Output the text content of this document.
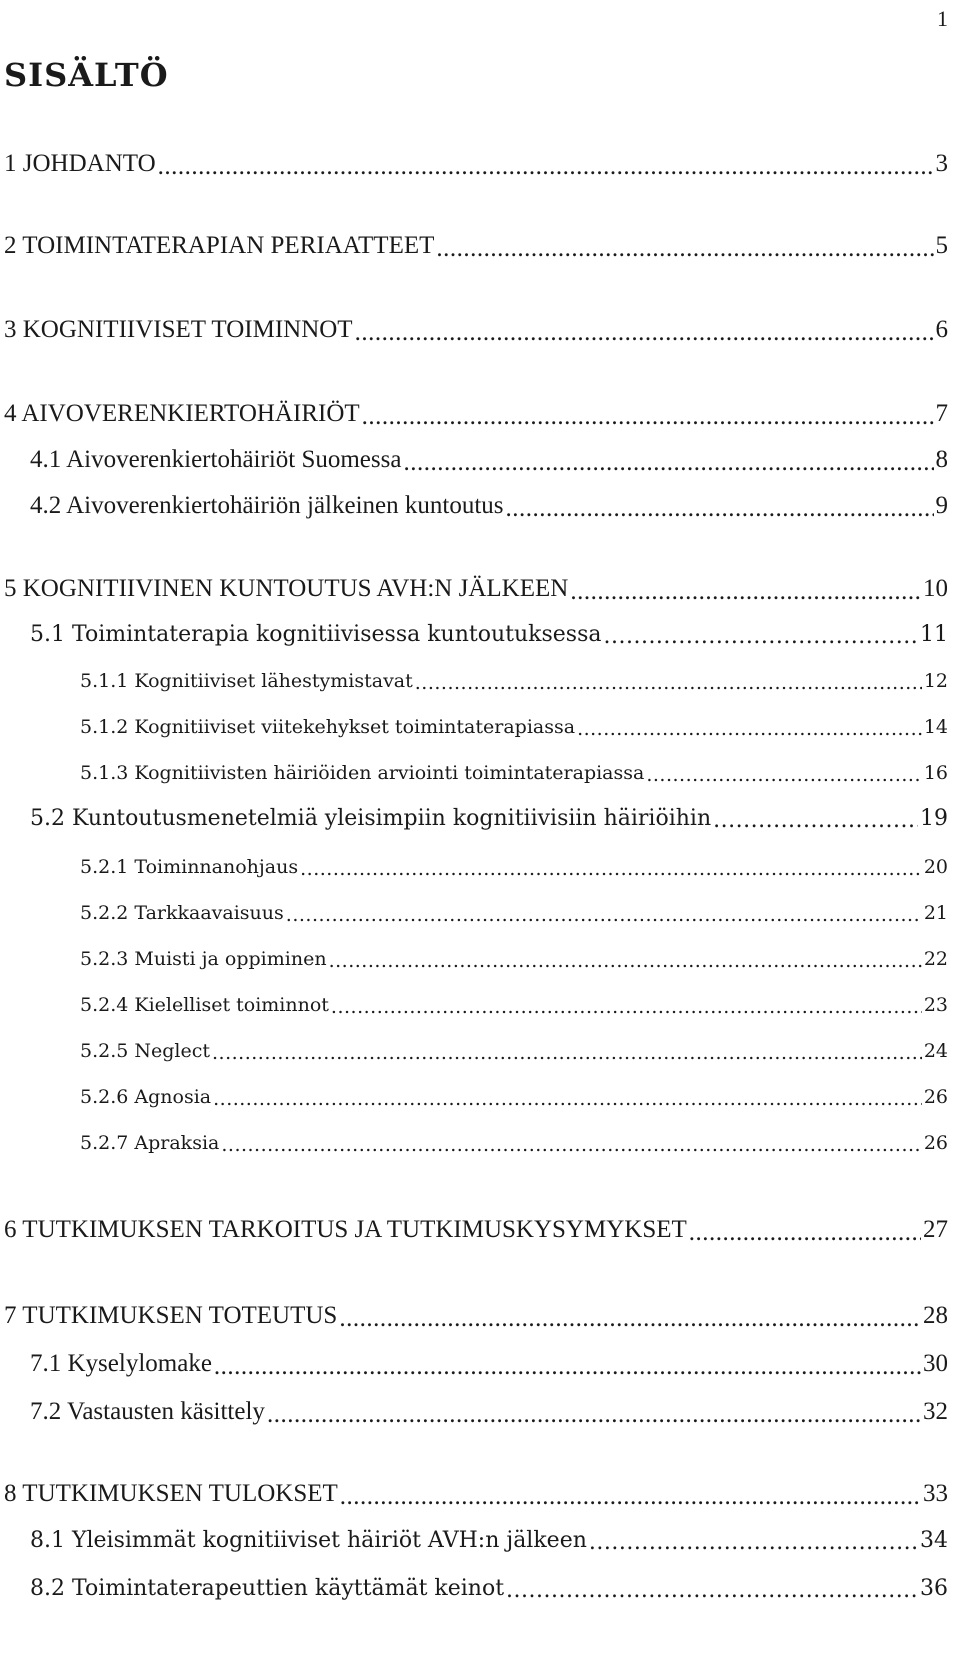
1
SISÄLTÖ
1 JOHDANTO .....	3
2 TOIMINTATERAPIAN PERIAATTEET .....	5
3 KOGNITIIVISET TOIMINNOT .....	6
4 AIVOVERENKIERTOHÄIRIÖT .....	7
4.1 Aivoverenkiertohäiriöt Suomessa .....	8
4.2 Aivoverenkiertohäiriön jälkeinen kuntoutus .....	9
5 KOGNITIIVINEN KUNTOUTUS AVH:N JÄLKEEN .....	10
5.1 Toimintaterapia kognitiivisessa kuntoutuksessa .....	11
5.1.1 Kognitiiviset lähestymistavat .....	12
5.1.2 Kognitiiviset viitekehykset toimintaterapiassa .....	14
5.1.3 Kognitiivisten häiriöiden arviointi toimintaterapiassa .....	16
5.2 Kuntoutusmenetelmiä yleisimpiin kognitiivisiin häiriöihin .....	19
5.2.1 Toiminnanohjaus .....	20
5.2.2 Tarkkaavaisuus .....	21
5.2.3 Muisti ja oppiminen .....	22
5.2.4 Kielelliset toiminnot .....	23
5.2.5 Neglect .....	24
5.2.6 Agnosia .....	26
5.2.7 Apraksia .....	26
6 TUTKIMUKSEN TARKOITUS JA TUTKIMUSKYSYMYKSET .....	27
7 TUTKIMUKSEN TOTEUTUS .....	28
7.1 Kyselylomake .....	30
7.2 Vastausten käsittely .....	32
8 TUTKIMUKSEN TULOKSET .....	33
8.1 Yleisimmät kognitiiviset häiriöt AVH:n jälkeen .....	34
8.2 Toimintaterapeuttien käyttämät keinot .....	36
